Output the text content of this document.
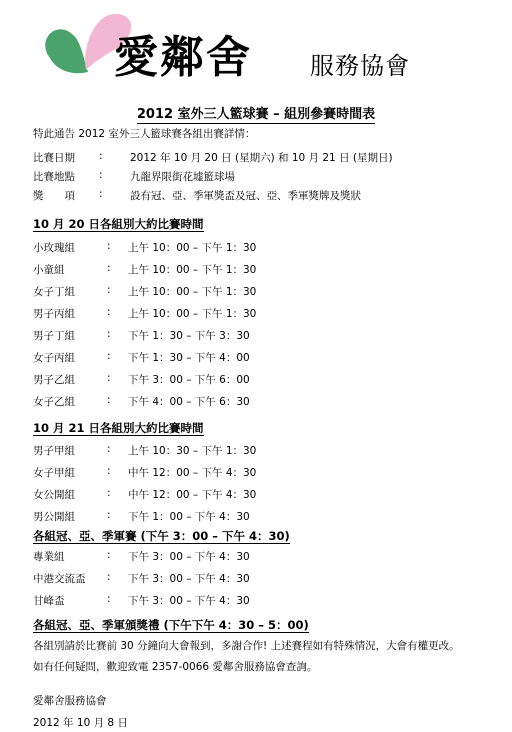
愛鄰舍 服務協會
2012 室外三人籃球賽 – 組別參賽時間表
特此通告 2012 室外三人籃球賽各組出賽詳情：
比賽日期	:	2012 年 10 月 20 日 (星期六) 和 10 月 21 日 (星期日)
比賽地點	:	九龍界限街花墟籃球場
獎　　項	:	設有冠、亞、季軍獎盃及冠、亞、季軍獎牌及獎狀
10 月 20 日各組別大約比賽時間
小玫瑰組	: 上午 10：00 – 下午 1：30
小童組	: 上午 10：00 – 下午 1：30
女子丁組	: 上午 10：00 – 下午 1：30
男子丙組	: 上午 10：00 – 下午 1：30
男子丁組	: 下午 1：30 – 下午 3：30
女子丙組	: 下午 1：30 – 下午 4：00
男子乙組	: 下午 3：00 – 下午 6：00
女子乙組	: 下午 4：00 – 下午 6：30
10 月 21 日各組別大約比賽時間
男子甲組	: 上午 10：30 – 下午 1：30
女子甲組	: 中午 12：00 – 下午 4：30
女公開組	: 中午 12：00 – 下午 4：30
男公開組	: 下午 1：00 – 下午 4：30
各組冠、亞、季軍賽 (下午 3：00 – 下午 4：30)
專業組	: 下午 3：00 – 下午 4：30
中港交流盃	: 下午 3：00 – 下午 4：30
甘峰盃	: 下午 3：00 – 下午 4：30
各組冠、亞、季軍頒獎禮 (下午下午 4：30 – 5：00)
各組別請於比賽前 30 分鐘向大會報到，多謝合作! 上述賽程如有特殊情況，大會有權更改。
如有任何疑問，歡迎致電 2357-0066 愛鄰舍服務協會查詢。
愛鄰舍服務協會
2012 年 10 月 8 日
